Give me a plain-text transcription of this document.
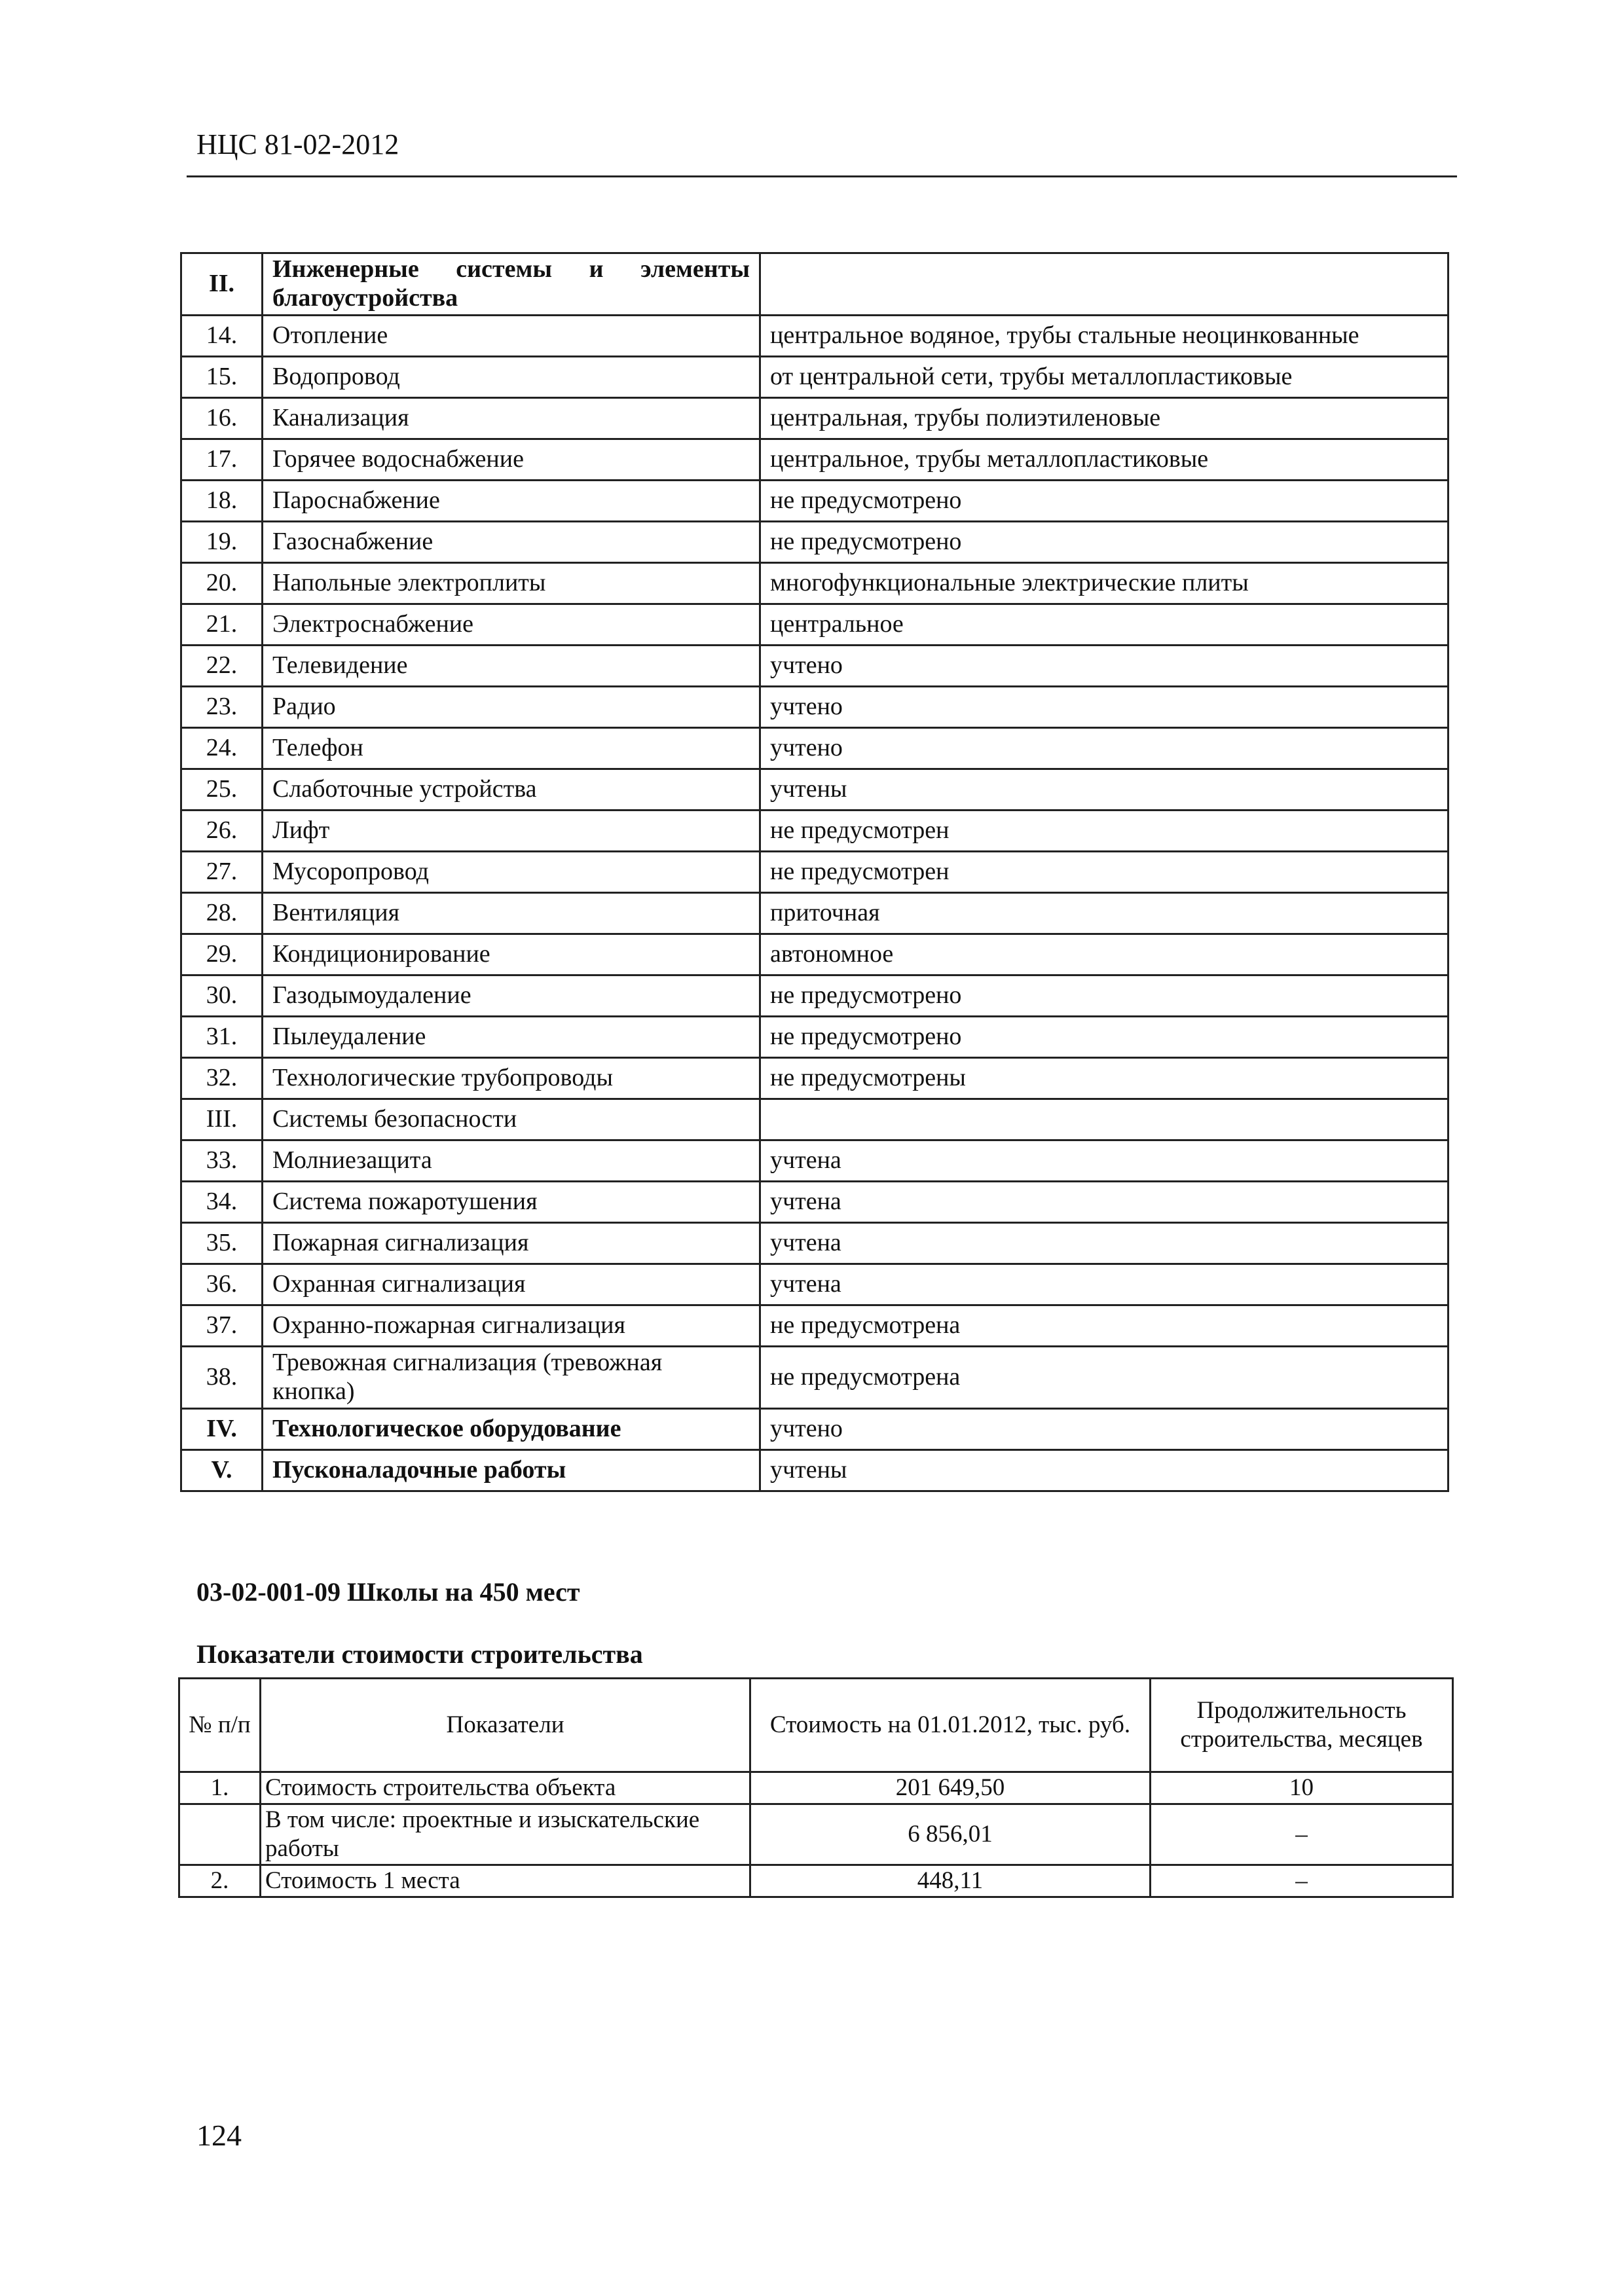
НЦС 81-02-2012
II.	Инженерные системы и элементы благоустройства	
14.	Отопление	центральное водяное, трубы стальные неоцинкованные
15.	Водопровод	от центральной сети, трубы металлопластиковые
16.	Канализация	центральная, трубы полиэтиленовые
17.	Горячее водоснабжение	центральное, трубы металлопластиковые
18.	Пароснабжение	не предусмотрено
19.	Газоснабжение	не предусмотрено
20.	Напольные электроплиты	многофункциональные электрические плиты
21.	Электроснабжение	центральное
22.	Телевидение	учтено
23.	Радио	учтено
24.	Телефон	учтено
25.	Слаботочные устройства	учтены
26.	Лифт	не предусмотрен
27.	Мусоропровод	не предусмотрен
28.	Вентиляция	приточная
29.	Кондиционирование	автономное
30.	Газодымоудаление	не предусмотрено
31.	Пылеудаление	не предусмотрено
32.	Технологические трубопроводы	не предусмотрены
III.	Системы безопасности	
33.	Молниезащита	учтена
34.	Система пожаротушения	учтена
35.	Пожарная сигнализация	учтена
36.	Охранная сигнализация	учтена
37.	Охранно-пожарная сигнализация	не предусмотрена
38.	Тревожная сигнализация (тревожная кнопка)	не предусмотрена
IV.	Технологическое оборудование	учтено
V.	Пусконаладочные работы	учтены
03-02-001-09 Школы на 450 мест
Показатели стоимости строительства
№ п/п	Показатели	Стоимость на 01.01.2012, тыс. руб.	Продолжительность строительства, месяцев
1.	Стоимость строительства объекта	201 649,50	10
	В том числе: проектные и изыскательские работы	6 856,01	–
2.	Стоимость 1 места	448,11	–
124
